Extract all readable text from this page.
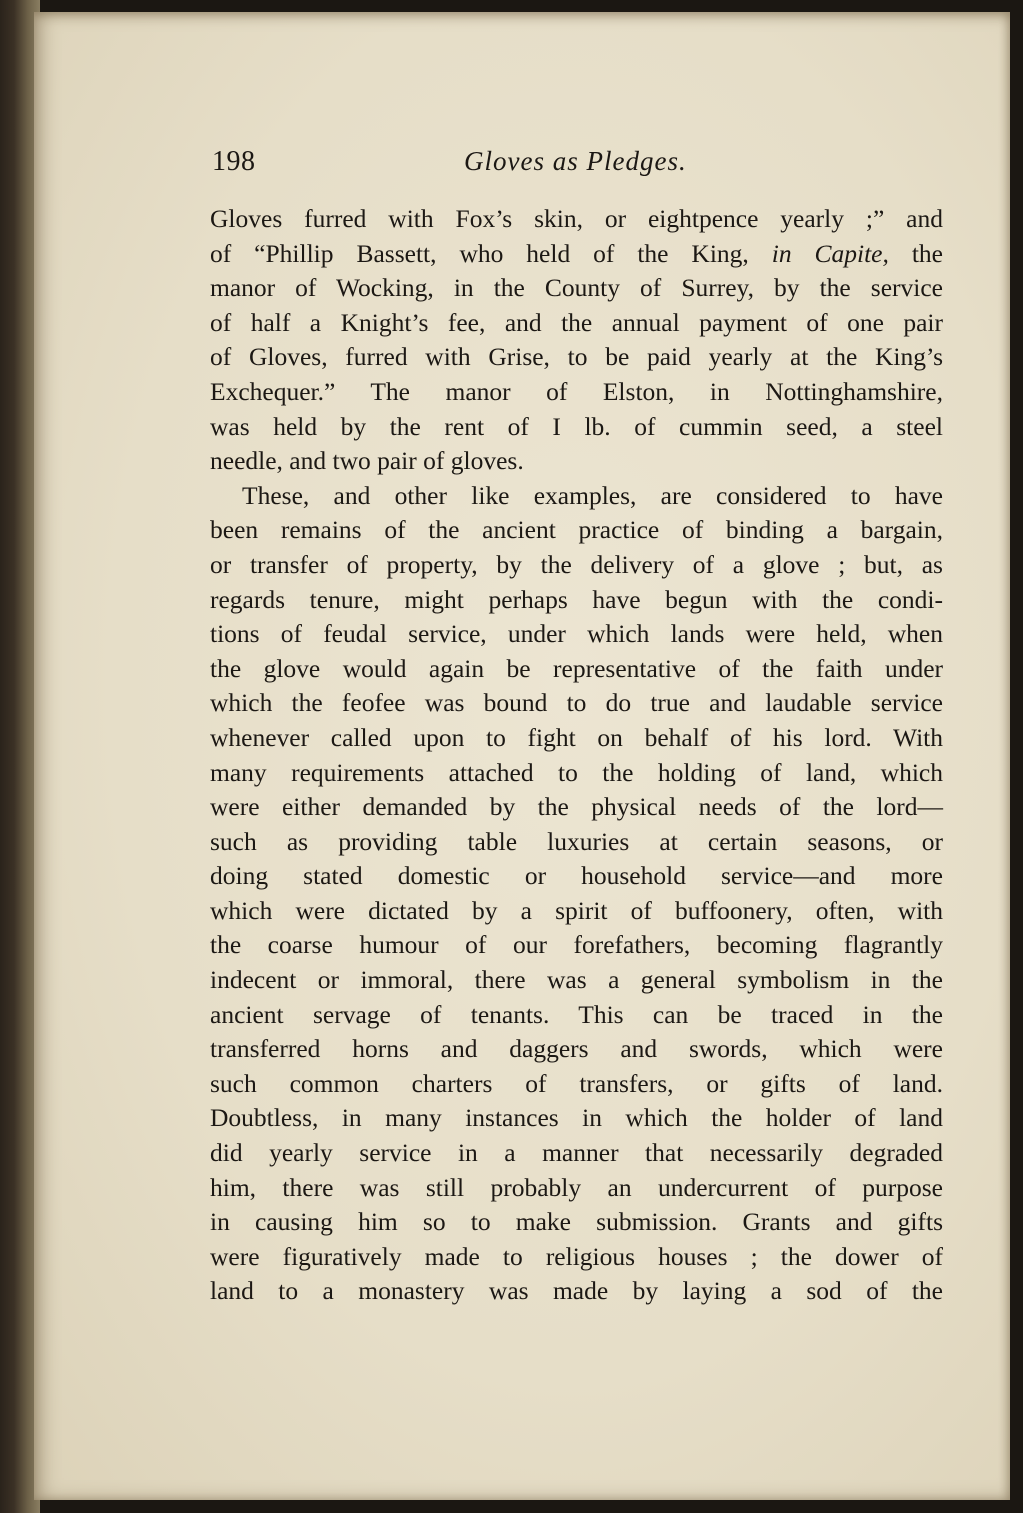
198	Gloves as Pledges.
Gloves furred with Fox’s skin, or eightpence yearly ;” and
of “Phillip Bassett, who held of the King, in Capite, the
manor of Wocking, in the County of Surrey, by the service
of half a Knight’s fee, and the annual payment of one pair
of Gloves, furred with Grise, to be paid yearly at the King’s
Exchequer.” The manor of Elston, in Nottinghamshire,
was held by the rent of I lb. of cummin seed, a steel
needle, and two pair of gloves.
These, and other like examples, are considered to have
been remains of the ancient practice of binding a bargain,
or transfer of property, by the delivery of a glove ; but, as
regards tenure, might perhaps have begun with the condi-
tions of feudal service, under which lands were held, when
the glove would again be representative of the faith under
which the feofee was bound to do true and laudable service
whenever called upon to fight on behalf of his lord. With
many requirements attached to the holding of land, which
were either demanded by the physical needs of the lord—
such as providing table luxuries at certain seasons, or
doing stated domestic or household service—and more
which were dictated by a spirit of buffoonery, often, with
the coarse humour of our forefathers, becoming flagrantly
indecent or immoral, there was a general symbolism in the
ancient servage of tenants. This can be traced in the
transferred horns and daggers and swords, which were
such common charters of transfers, or gifts of land.
Doubtless, in many instances in which the holder of land
did yearly service in a manner that necessarily degraded
him, there was still probably an undercurrent of purpose
in causing him so to make submission. Grants and gifts
were figuratively made to religious houses ; the dower of
land to a monastery was made by laying a sod of the
